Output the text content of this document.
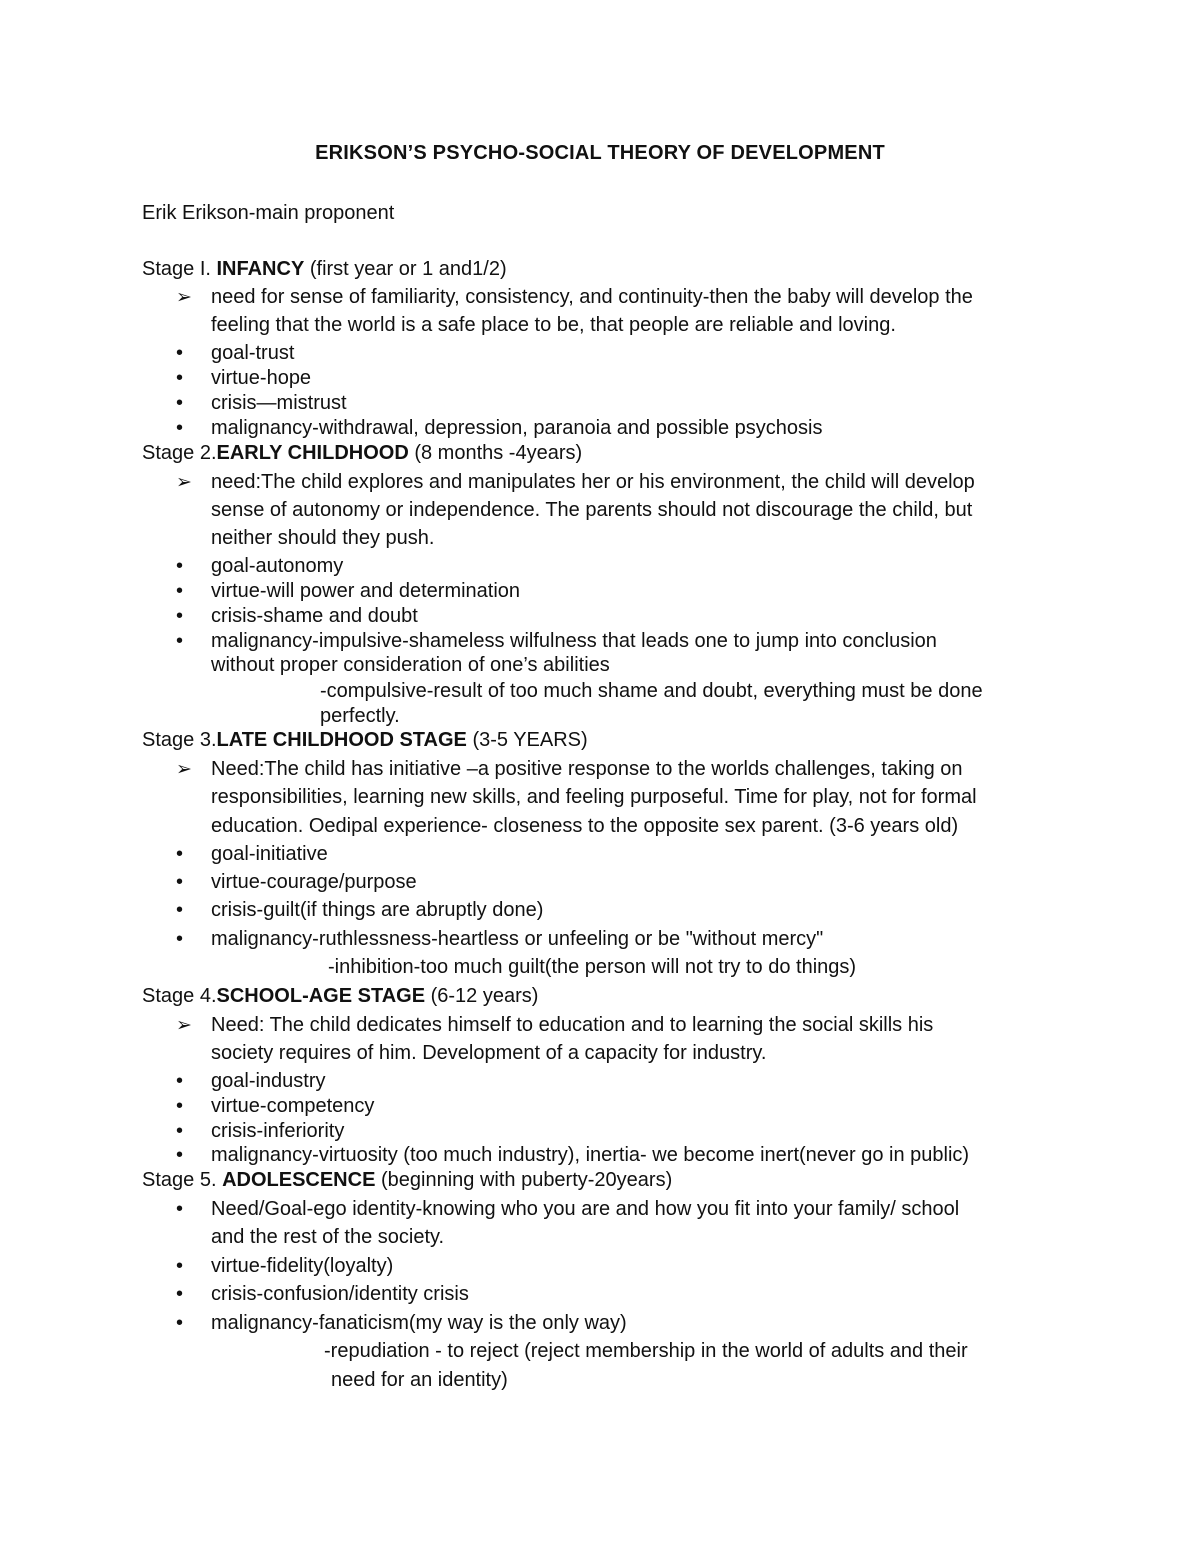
ERIKSON’S PSYCHO-SOCIAL THEORY OF DEVELOPMENT
Erik Erikson-main proponent
Stage I. INFANCY (first year or 1 and1/2)
➢
need for sense of familiarity, consistency, and continuity-then the baby will develop the
feeling that the world is a safe place to be, that people are reliable and loving.
•
goal-trust
•
virtue-hope
•
crisis—mistrust
•
malignancy-withdrawal, depression, paranoia and possible psychosis
Stage 2.EARLY CHILDHOOD (8 months -4years)
➢
need:The child explores and manipulates her or his environment, the child will develop
sense of autonomy or independence. The parents should not discourage the child, but
neither should they push.
•
goal-autonomy
•
virtue-will power and determination
•
crisis-shame and doubt
•
malignancy-impulsive-shameless wilfulness that leads one to jump into conclusion
without proper consideration of one’s abilities
-compulsive-result of too much shame and doubt, everything must be done
perfectly.
Stage 3.LATE CHILDHOOD STAGE (3-5 YEARS)
➢
Need:The child has initiative –a positive response to the worlds challenges, taking on
responsibilities, learning new skills, and feeling purposeful. Time for play, not for formal
education. Oedipal experience- closeness to the opposite sex parent. (3-6 years old)
•
goal-initiative
•
virtue-courage/purpose
•
crisis-guilt(if things are abruptly done)
•
malignancy-ruthlessness-heartless or unfeeling or be "without mercy"
-inhibition-too much guilt(the person will not try to do things)
Stage 4.SCHOOL-AGE STAGE (6-12 years)
➢
Need: The child dedicates himself to education and to learning the social skills his
society requires of him. Development of a capacity for industry.
•
goal-industry
•
virtue-competency
•
crisis-inferiority
•
malignancy-virtuosity (too much industry), inertia- we become inert(never go in public)
Stage 5. ADOLESCENCE (beginning with puberty-20years)
•
Need/Goal-ego identity-knowing who you are and how you fit into your family/ school
and the rest of the society.
•
virtue-fidelity(loyalty)
•
crisis-confusion/identity crisis
•
malignancy-fanaticism(my way is the only way)
-repudiation - to reject (reject membership in the world of adults and their
need for an identity)
